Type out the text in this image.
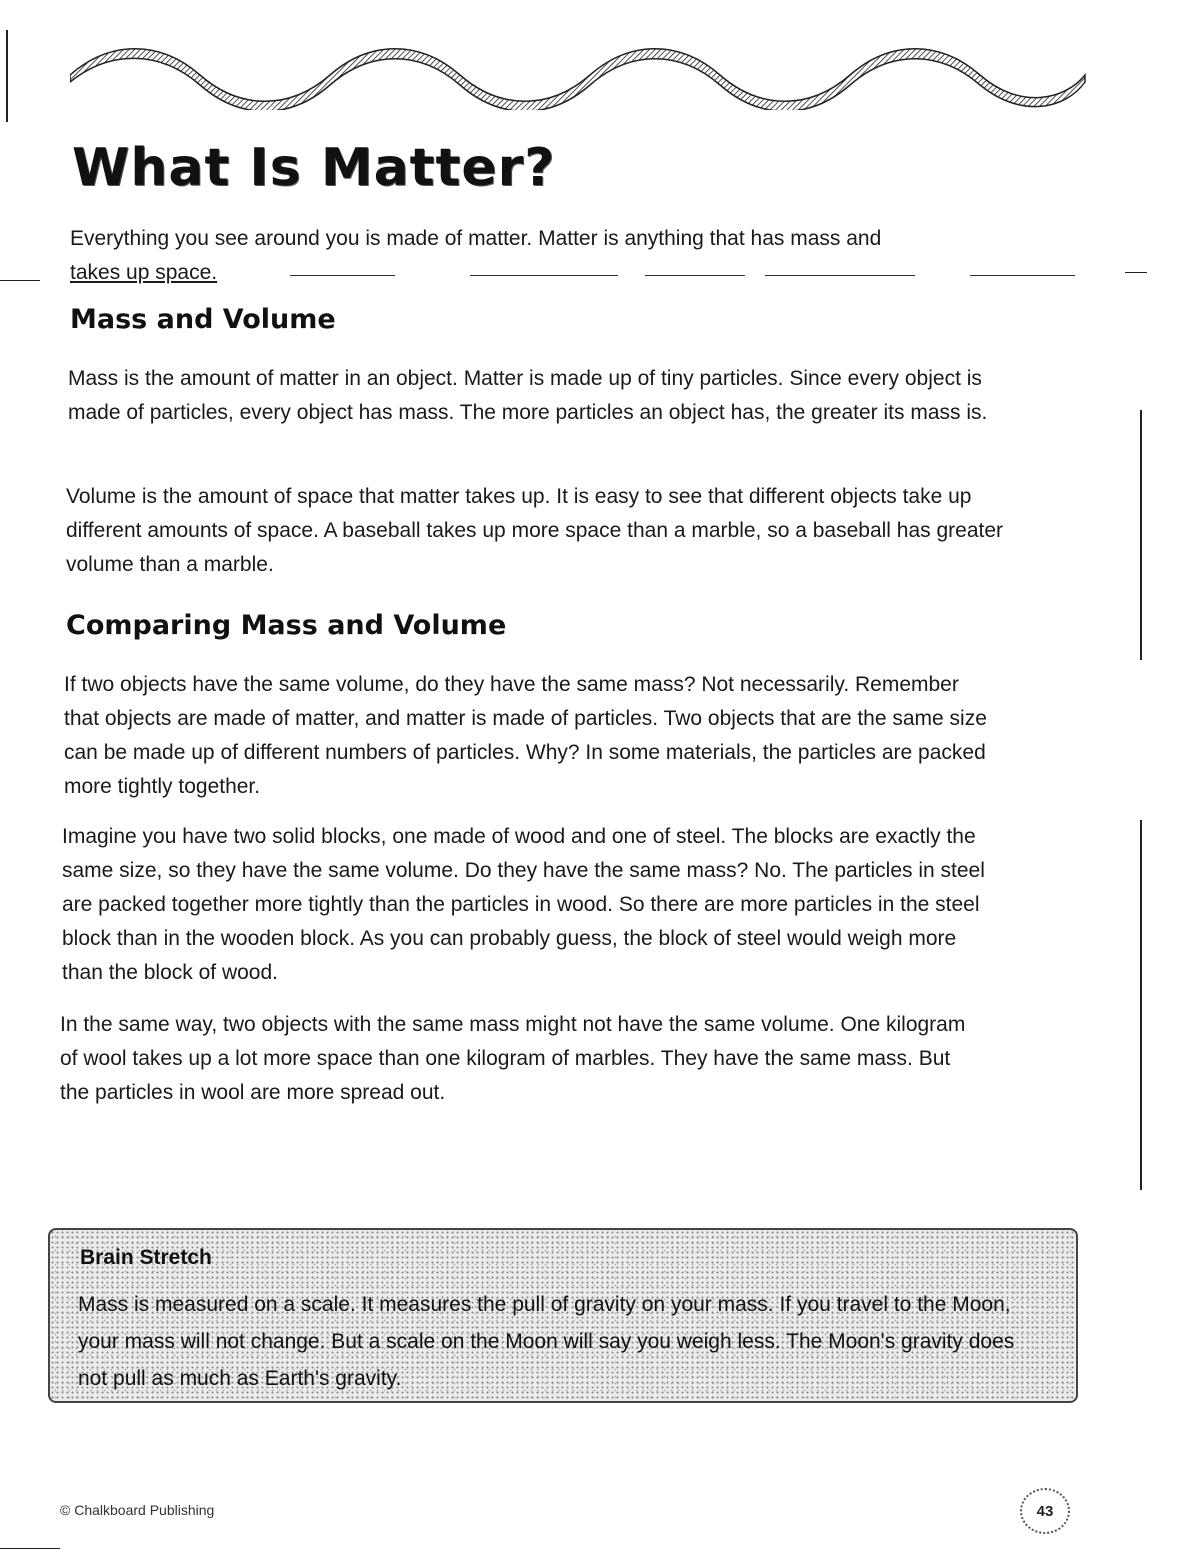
What Is Matter?

Everything you see around you is made of matter. Matter is anything that has mass and
takes up space.

Mass and Volume

Mass is the amount of matter in an object. Matter is made up of tiny particles. Since every object is made of particles, every object has mass. The more particles an object has, the greater its mass is.

Volume is the amount of space that matter takes up. It is easy to see that different objects take up different amounts of space. A baseball takes up more space than a marble, so a baseball has greater volume than a marble.

Comparing Mass and Volume

If two objects have the same volume, do they have the same mass? Not necessarily. Remember that objects are made of matter, and matter is made of particles. Two objects that are the same size can be made up of different numbers of particles. Why? In some materials, the particles are packed more tightly together.

Imagine you have two solid blocks, one made of wood and one of steel. The blocks are exactly the same size, so they have the same volume. Do they have the same mass? No. The particles in steel are packed together more tightly than the particles in wood. So there are more particles in the steel block than in the wooden block. As you can probably guess, the block of steel would weigh more than the block of wood.

In the same way, two objects with the same mass might not have the same volume. One kilogram of wool takes up a lot more space than one kilogram of marbles. They have the same mass. But the particles in wool are more spread out.

Brain Stretch

Mass is measured on a scale. It measures the pull of gravity on your mass. If you travel to the Moon, your mass will not change. But a scale on the Moon will say you weigh less. The Moon's gravity does not pull as much as Earth's gravity.

© Chalkboard Publishing	43
